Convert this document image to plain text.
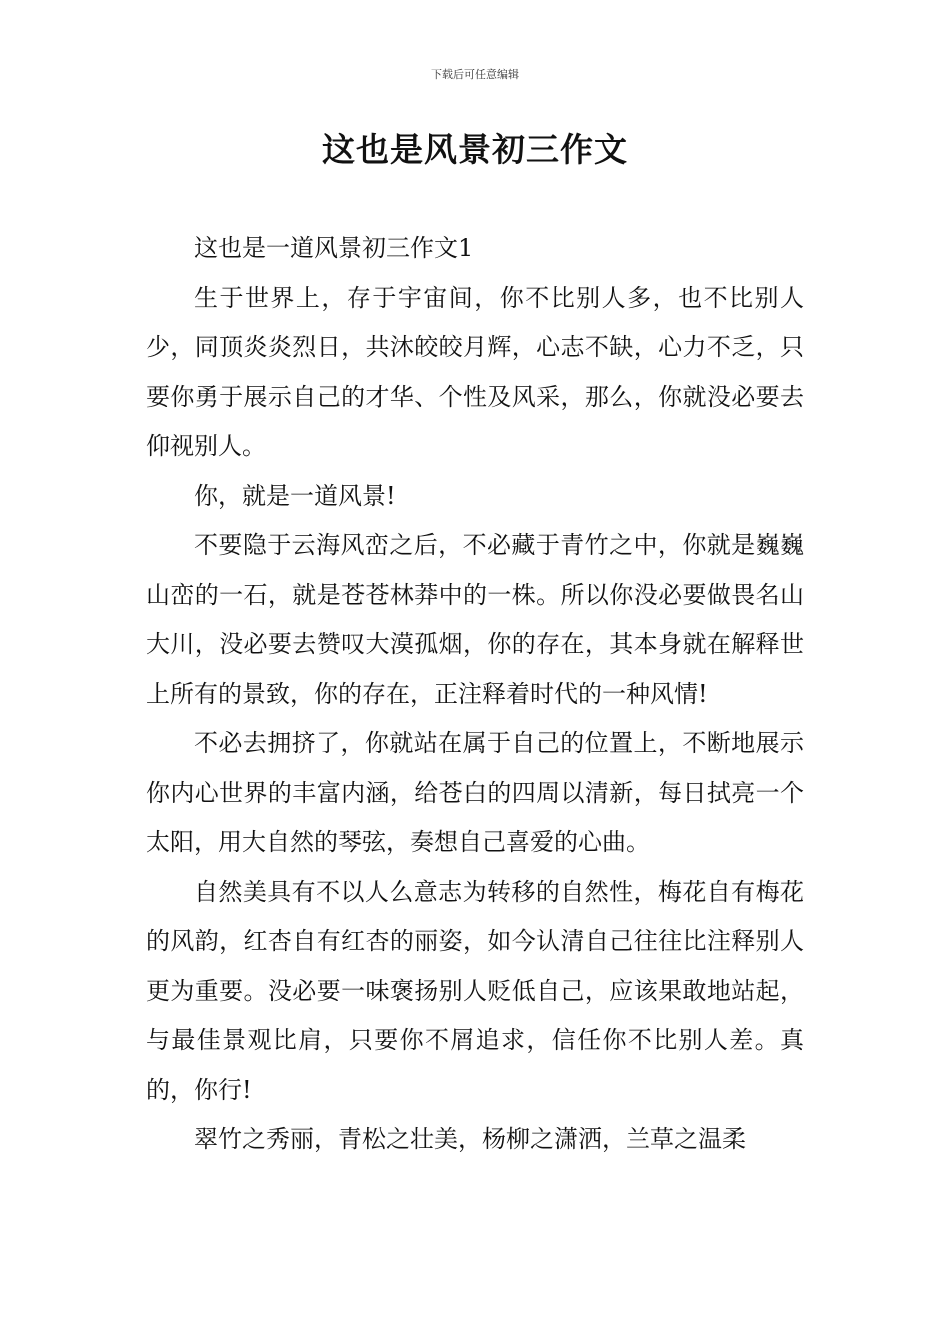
下载后可任意编辑
这也是风景初三作文

这也是一道风景初三作文1

生于世界上，存于宇宙间，你不比别人多，也不比别人少，同顶炎炎烈日，共沐皎皎月辉，心志不缺，心力不乏，只要你勇于展示自己的才华、个性及风采，那么，你就没必要去仰视别人。

你，就是一道风景!

不要隐于云海风峦之后，不必藏于青竹之中，你就是巍巍山峦的一石，就是苍苍林莽中的一株。所以你没必要做畏名山大川，没必要去赞叹大漠孤烟，你的存在，其本身就在解释世上所有的景致，你的存在，正注释着时代的一种风情!

不必去拥挤了，你就站在属于自己的位置上，不断地展示你内心世界的丰富内涵，给苍白的四周以清新，每日拭亮一个太阳，用大自然的琴弦，奏想自己喜爱的心曲。

自然美具有不以人么意志为转移的自然性，梅花自有梅花的风韵，红杏自有红杏的丽姿，如今认清自己往往比注释别人更为重要。没必要一味褒扬别人贬低自己，应该果敢地站起，与最佳景观比肩，只要你不屑追求，信任你不比别人差。真的，你行!

翠竹之秀丽，青松之壮美，杨柳之潇洒，兰草之温柔
